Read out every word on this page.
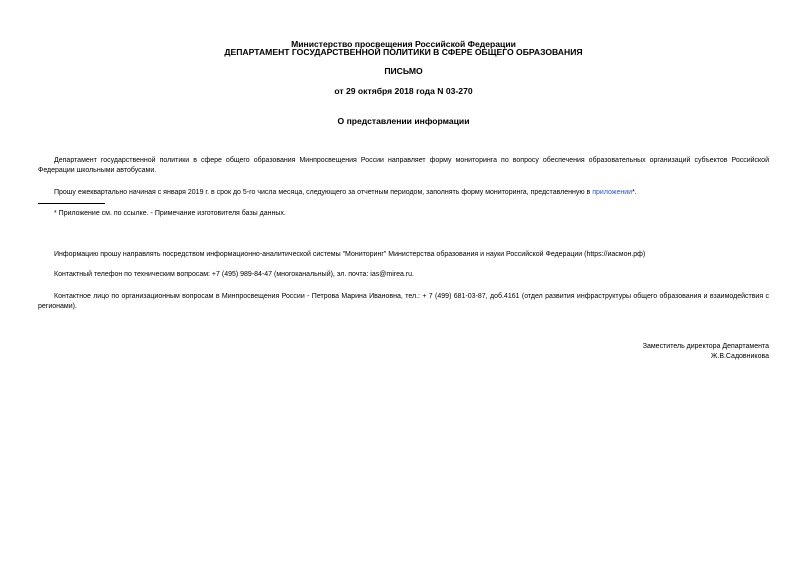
Министерство просвещения Российской Федерации
ДЕПАРТАМЕНТ ГОСУДАРСТВЕННОЙ ПОЛИТИКИ В СФЕРЕ ОБЩЕГО ОБРАЗОВАНИЯ
ПИСЬМО
от 29 октября 2018 года N 03-270
О представлении информации
Департамент государственной политики в сфере общего образования Минпросвещения России направляет форму мониторинга по вопросу обеспечения образовательных организаций субъектов Российской Федерации школьными автобусами.
Прошу ежеквартально начиная с января 2019 г. в срок до 5-го числа месяца, следующего за отчетным периодом, заполнять форму мониторинга, представленную в приложении*.
* Приложение см. по ссылке. - Примечание изготовителя базы данных.
Информацию прошу направлять посредством информационно-аналитической системы "Мониторинг" Министерства образования и науки Российской Федерации (https://иасмон.рф)
Контактный телефон по техническим вопросам: +7 (495) 989-84-47 (многоканальный), эл. почта: ias@mirea.ru.
Контактное лицо по организационным вопросам в Минпросвещения России - Петрова Марина Ивановна, тел.: + 7 (499) 681-03-87, доб.4161 (отдел развития инфраструктуры общего образования и взаимодействия с регионами).
Заместитель директора Департамента
Ж.В.Садовникова
